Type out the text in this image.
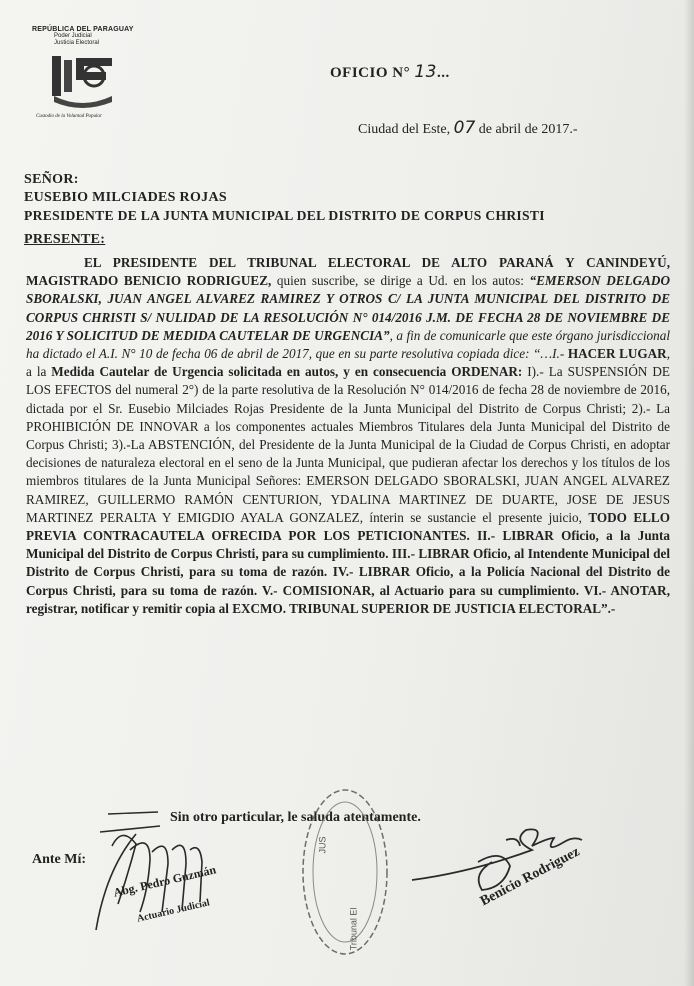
REPÚBLICA DEL PARAGUAY
Poder Judicial
Justicia Electoral
Custodio de la Voluntad Popular
OFICIO N° 13...
Ciudad del Este, 07 de abril de 2017.-
SEÑOR:
EUSEBIO MILCIADES ROJAS
PRESIDENTE DE LA JUNTA MUNICIPAL DEL DISTRITO DE CORPUS CHRISTI
PRESENTE:

EL PRESIDENTE DEL TRIBUNAL ELECTORAL DE ALTO PARANÁ Y CANINDEYÚ, MAGISTRADO BENICIO RODRIGUEZ, quien suscribe, se dirige a Ud. en los autos: “EMERSON DELGADO SBORALSKI, JUAN ANGEL ALVAREZ RAMIREZ Y OTROS C/ LA JUNTA MUNICIPAL DEL DISTRITO DE CORPUS CHRISTI S/ NULIDAD DE LA RESOLUCIÓN N° 014/2016 J.M. DE FECHA 28 DE NOVIEMBRE DE 2016 Y SOLICITUD DE MEDIDA CAUTELAR DE URGENCIA”, a fin de comunicarle que este órgano jurisdiccional ha dictado el A.I. N° 10 de fecha 06 de abril de 2017, que en su parte resolutiva copiada dice: “…I.- HACER LUGAR, a la Medida Cautelar de Urgencia solicitada en autos, y en consecuencia ORDENAR: I).- La SUSPENSIÓN DE LOS EFECTOS del numeral 2°) de la parte resolutiva de la Resolución N° 014/2016 de fecha 28 de noviembre de 2016, dictada por el Sr. Eusebio Milciades Rojas Presidente de la Junta Municipal del Distrito de Corpus Christi; 2).- La PROHIBICIÓN DE INNOVAR a los componentes actuales Miembros Titulares dela Junta Municipal del Distrito de Corpus Christi; 3).-La ABSTENCIÓN, del Presidente de la Junta Municipal de la Ciudad de Corpus Christi, en adoptar decisiones de naturaleza electoral en el seno de la Junta Municipal, que pudieran afectar los derechos y los títulos de los miembros titulares de la Junta Municipal Señores: EMERSON DELGADO SBORALSKI, JUAN ANGEL ALVAREZ RAMIREZ, GUILLERMO RAMÓN CENTURION, YDALINA MARTINEZ DE DUARTE, JOSE DE JESUS MARTINEZ PERALTA Y EMIGDIO AYALA GONZALEZ, ínterin se sustancie el presente juicio, TODO ELLO PREVIA CONTRACAUTELA OFRECIDA POR LOS PETICIONANTES. II.- LIBRAR Oficio, a la Junta Municipal del Distrito de Corpus Christi, para su cumplimiento. III.- LIBRAR Oficio, al Intendente Municipal del Distrito de Corpus Christi, para su toma de razón. IV.- LIBRAR Oficio, a la Policía Nacional del Distrito de Corpus Christi, para su toma de razón. V.- COMISIONAR, al Actuario para su cumplimiento. VI.- ANOTAR, registrar, notificar y remitir copia al EXCMO. TRIBUNAL SUPERIOR DE JUSTICIA ELECTORAL”.-

Sin otro particular, le saluda atentamente.
Ante Mí:
JUS
Tribunal El
Abg. Pedro Guzmán
Actuario Judicial
Benicio Rodriguez
